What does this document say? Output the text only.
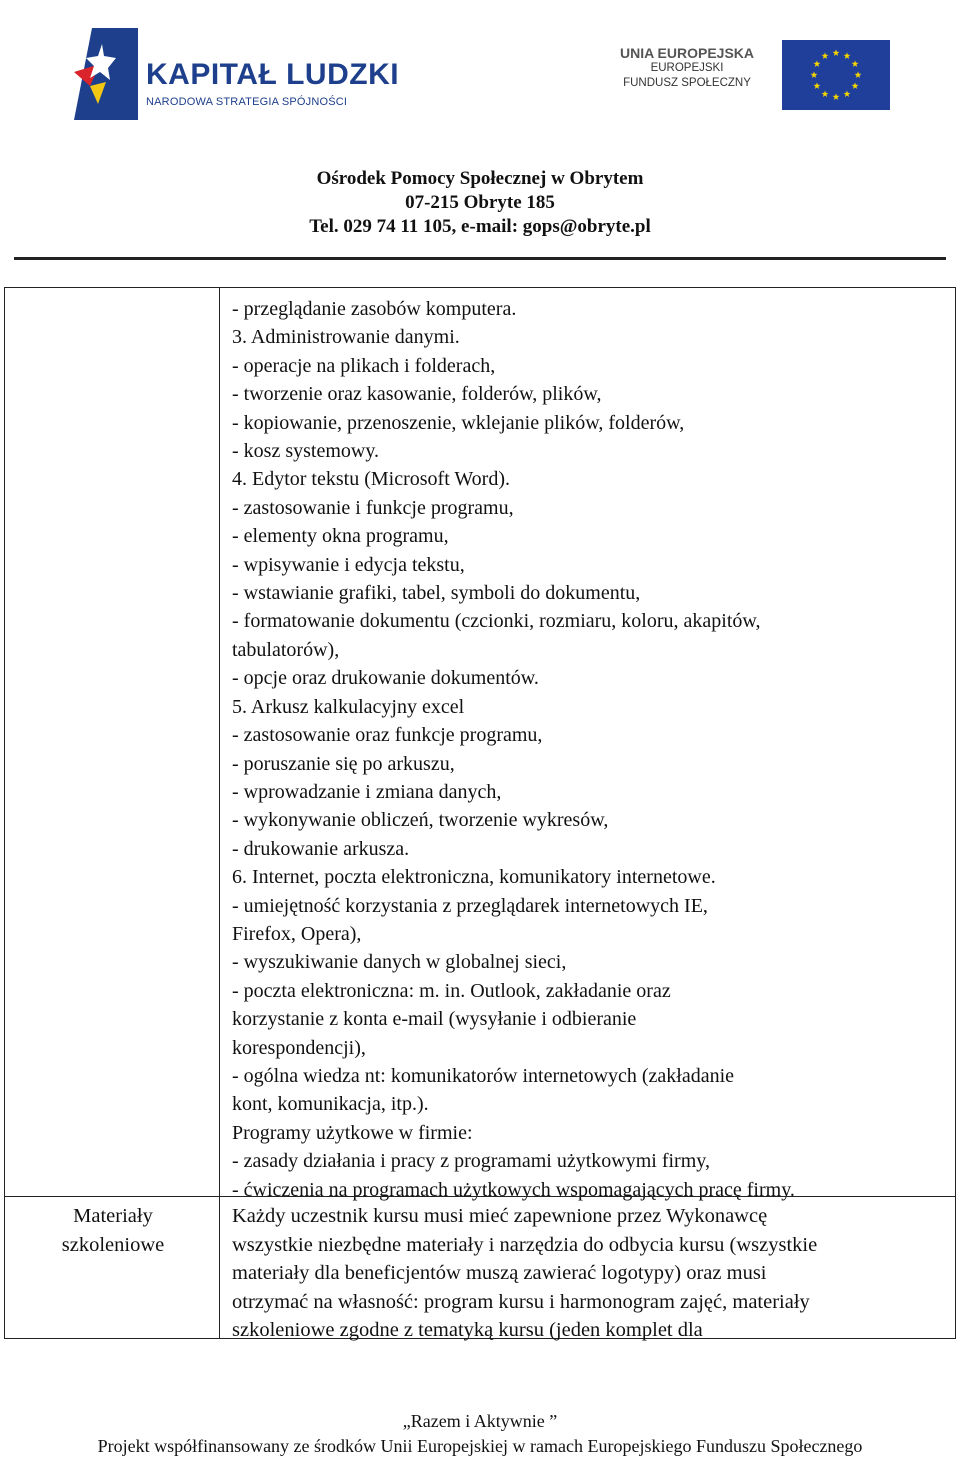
KAPITAŁ LUDZKI
NARODOWA STRATEGIA SPÓJNOŚCI
UNIA EUROPEJSKA
EUROPEJSKI
FUNDUSZ SPOŁECZNY
Ośrodek Pomocy Społecznej w Obrytem
07-215 Obryte 185
Tel. 029 74 11 105, e-mail: gops@obryte.pl
- przeglądanie zasobów komputera.
3. Administrowanie danymi.
- operacje na plikach i folderach,
- tworzenie oraz kasowanie, folderów, plików,
- kopiowanie, przenoszenie, wklejanie plików, folderów,
- kosz systemowy.
4. Edytor tekstu (Microsoft Word).
- zastosowanie i funkcje programu,
- elementy okna programu,
- wpisywanie i edycja tekstu,
- wstawianie grafiki, tabel, symboli do dokumentu,
- formatowanie dokumentu (czcionki, rozmiaru, koloru, akapitów,
tabulatorów),
- opcje oraz drukowanie dokumentów.
5. Arkusz kalkulacyjny excel
- zastosowanie oraz funkcje programu,
- poruszanie się po arkuszu,
- wprowadzanie i zmiana danych,
- wykonywanie obliczeń, tworzenie wykresów,
- drukowanie arkusza.
6. Internet, poczta elektroniczna, komunikatory internetowe.
- umiejętność korzystania z przeglądarek internetowych IE,
Firefox, Opera),
- wyszukiwanie danych w globalnej sieci,
- poczta elektroniczna: m. in. Outlook, zakładanie oraz
korzystanie z konta e-mail (wysyłanie i odbieranie
korespondencji),
- ogólna wiedza nt: komunikatorów internetowych (zakładanie
kont, komunikacja, itp.).
Programy użytkowe w firmie:
- zasady działania i pracy z programami użytkowymi firmy,
- ćwiczenia na programach użytkowych wspomagających pracę firmy.
Materiały
szkoleniowe
Każdy uczestnik kursu musi mieć zapewnione przez Wykonawcę
wszystkie niezbędne materiały i narzędzia do odbycia kursu (wszystkie
materiały dla beneficjentów muszą zawierać logotypy) oraz musi
otrzymać na własność: program kursu i harmonogram zajęć, materiały
szkoleniowe zgodne z tematyką kursu (jeden komplet dla
„Razem i Aktywnie ”
Projekt współfinansowany ze środków Unii Europejskiej w ramach Europejskiego Funduszu Społecznego
